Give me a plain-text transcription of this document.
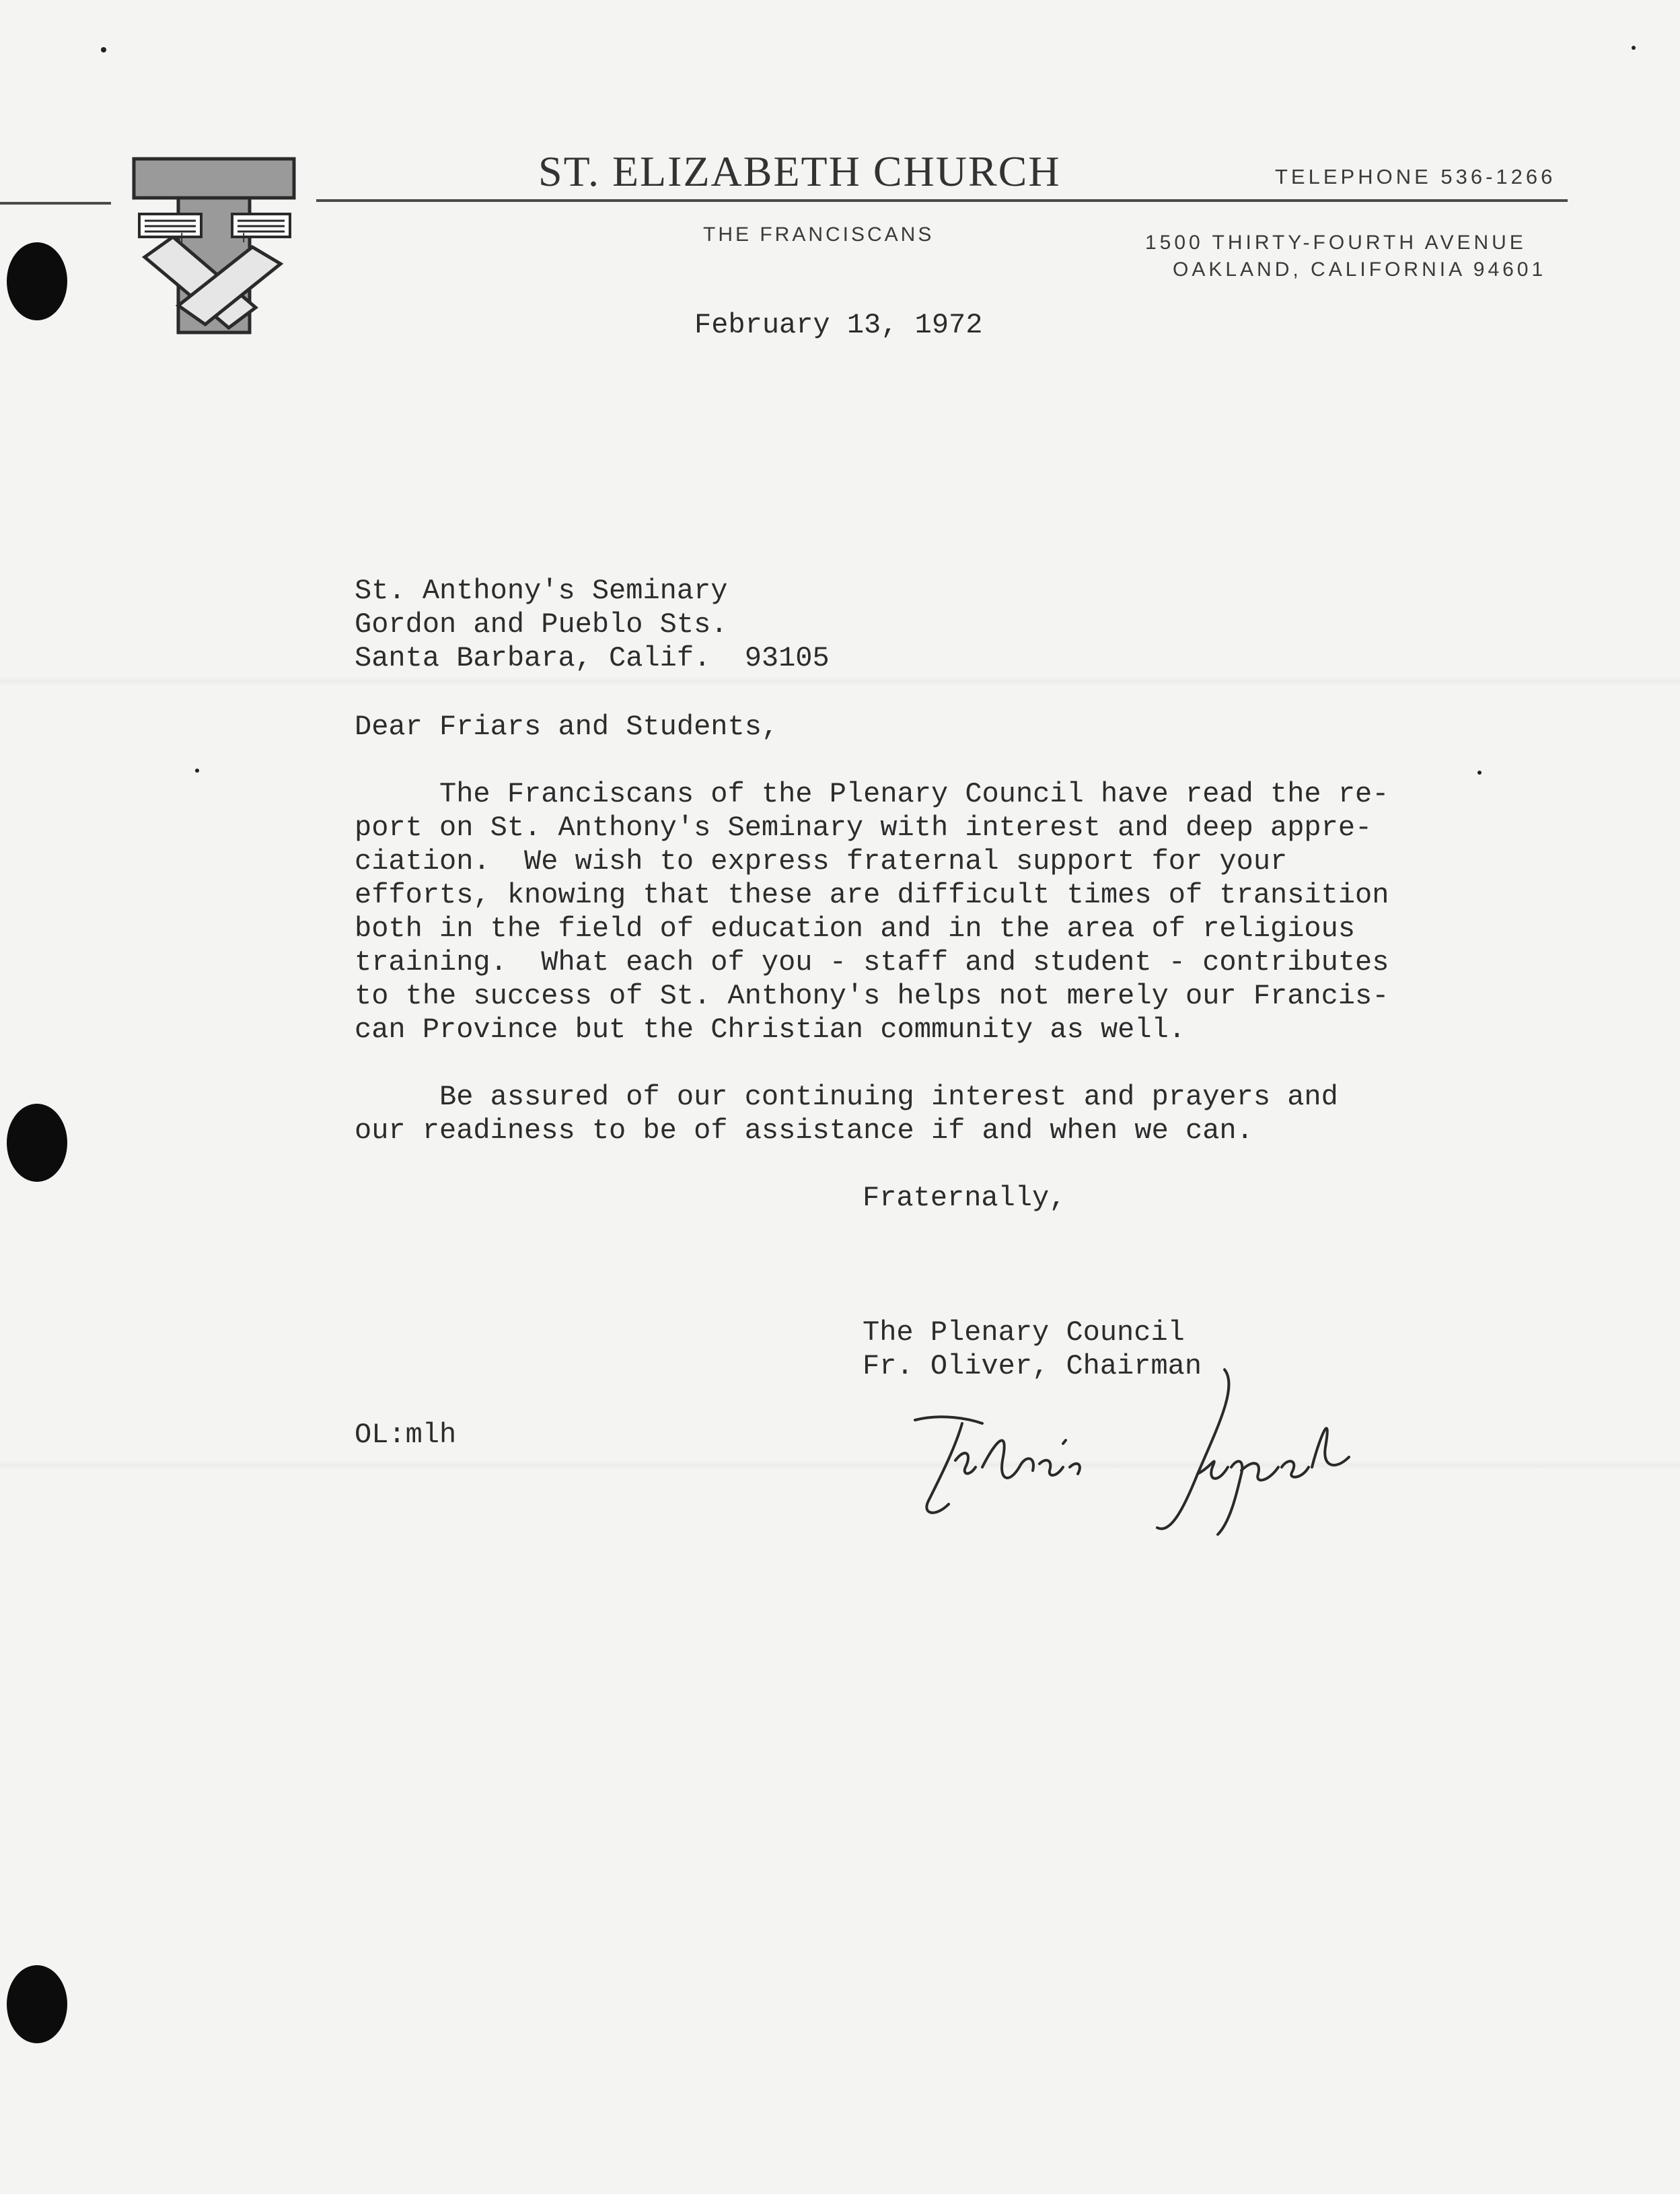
+	+
ST. ELIZABETH CHURCH	TELEPHONE 536-1266
THE FRANCISCANS	1500 THIRTY-FOURTH AVENUE
OAKLAND, CALIFORNIA 94601
February 13, 1972
St. Anthony's Seminary
Gordon and Pueblo Sts.
Santa Barbara, Calif.  93105
Dear Friars and Students,
The Franciscans of the Plenary Council have read the re-
port on St. Anthony's Seminary with interest and deep appre-
ciation.  We wish to express fraternal support for your
efforts, knowing that these are difficult times of transition
both in the field of education and in the area of religious
training.  What each of you - staff and student - contributes
to the success of St. Anthony's helps not merely our Francis-
can Province but the Christian community as well.
Be assured of our continuing interest and prayers and
our readiness to be of assistance if and when we can.
Fraternally,
The Plenary Council
Fr. Oliver, Chairman
OL:mlh
